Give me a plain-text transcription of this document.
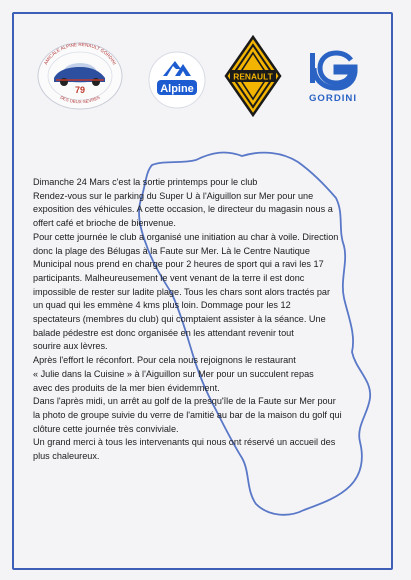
79
AMICALE ALPINE RENAULT GORDINI
DES DEUX-SEVRES
Alpine
RENAULT
GORDINI

Dimanche 24 Mars c'est la sortie printemps pour le club

Rendez-vous sur le parking du Super U à l'Aiguillon sur Mer pour une

exposition des véhicules. A cette occasion, le directeur du magasin nous a

offert café et brioche de bienvenue.

Pour cette journée le club a organisé une initiation au char à voile. Direction

donc la plage des Bélugas à la Faute sur Mer. Là le Centre Nautique

Municipal nous prend en charge pour 2 heures de sport qui a ravi les 17

participants. Malheureusement le vent venant de la terre il est donc

impossible de rester sur ladite plage. Tous les chars sont alors tractés par

un quad qui les emmène 4 kms plus loin. Dommage pour les 12

spectateurs (membres du club) qui comptaient assister à la séance. Une

balade pédestre est donc organisée en les attendant revenir tout

sourire aux lèvres.

Après l'effort le réconfort. Pour cela nous rejoignons le restaurant

« Julie dans la Cuisine » à l'Aiguillon sur Mer pour un succulent repas

avec des produits de la mer bien évidemment.

Dans l'après midi, un arrêt au golf de la presqu'île de la Faute sur Mer pour

la photo de groupe suivie du verre de l'amitié au bar de la maison du golf qui

clôture cette journée très conviviale.

Un grand merci à tous les intervenants qui nous ont réservé un accueil des

plus chaleureux.
